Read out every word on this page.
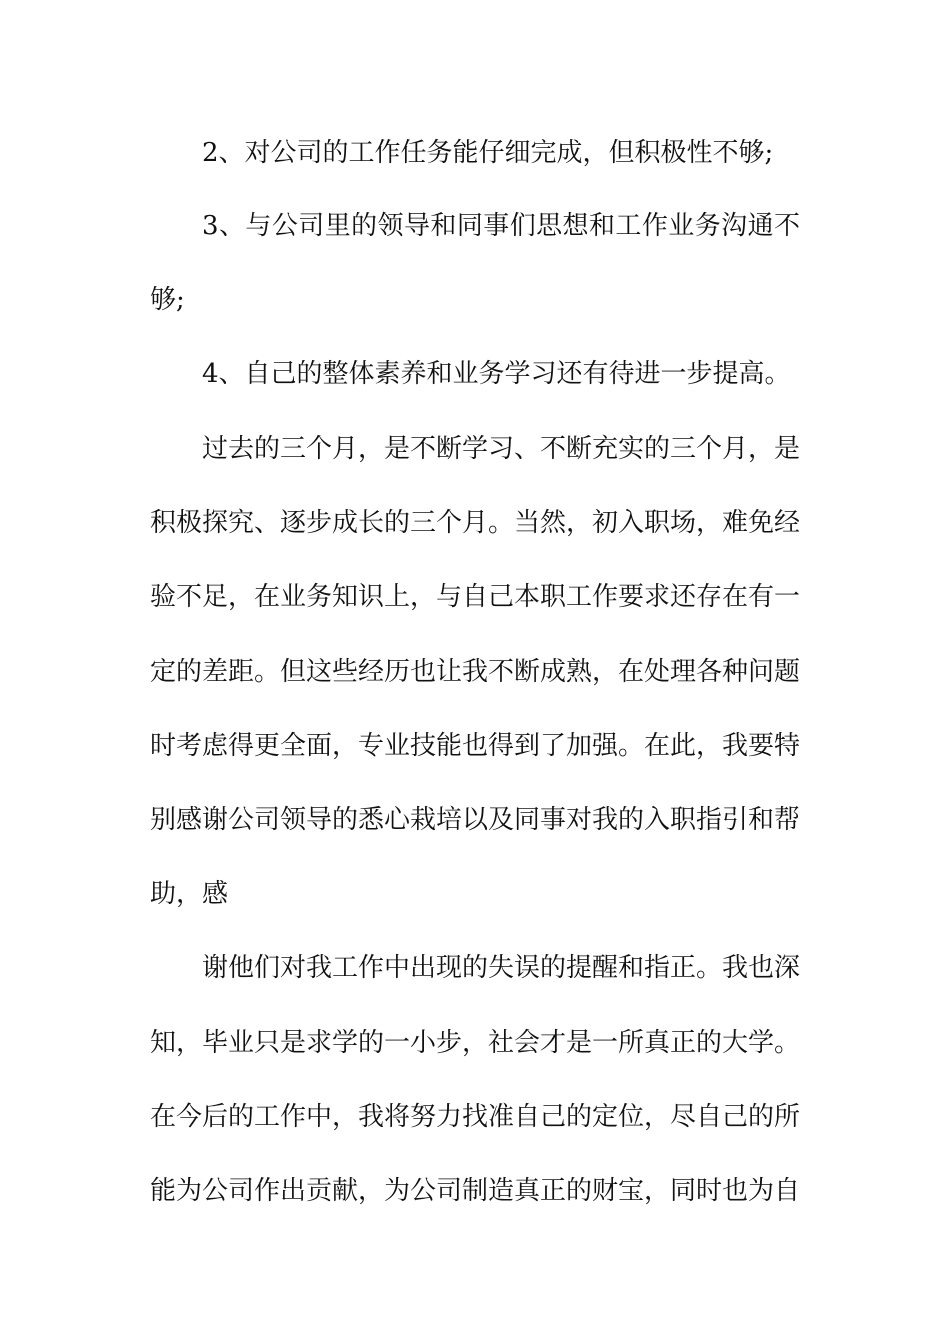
2、对公司的工作任务能仔细完成，但积极性不够;

3、与公司里的领导和同事们思想和工作业务沟通不

够;

4、自己的整体素养和业务学习还有待进一步提高。

过去的三个月，是不断学习、不断充实的三个月，是

积极探究、逐步成长的三个月。当然，初入职场，难免经

验不足，在业务知识上，与自己本职工作要求还存在有一

定的差距。但这些经历也让我不断成熟，在处理各种问题

时考虑得更全面，专业技能也得到了加强。在此，我要特

别感谢公司领导的悉心栽培以及同事对我的入职指引和帮

助，感

谢他们对我工作中出现的失误的提醒和指正。我也深

知，毕业只是求学的一小步，社会才是一所真正的大学。

在今后的工作中，我将努力找准自己的定位，尽自己的所

能为公司作出贡献，为公司制造真正的财宝，同时也为自
